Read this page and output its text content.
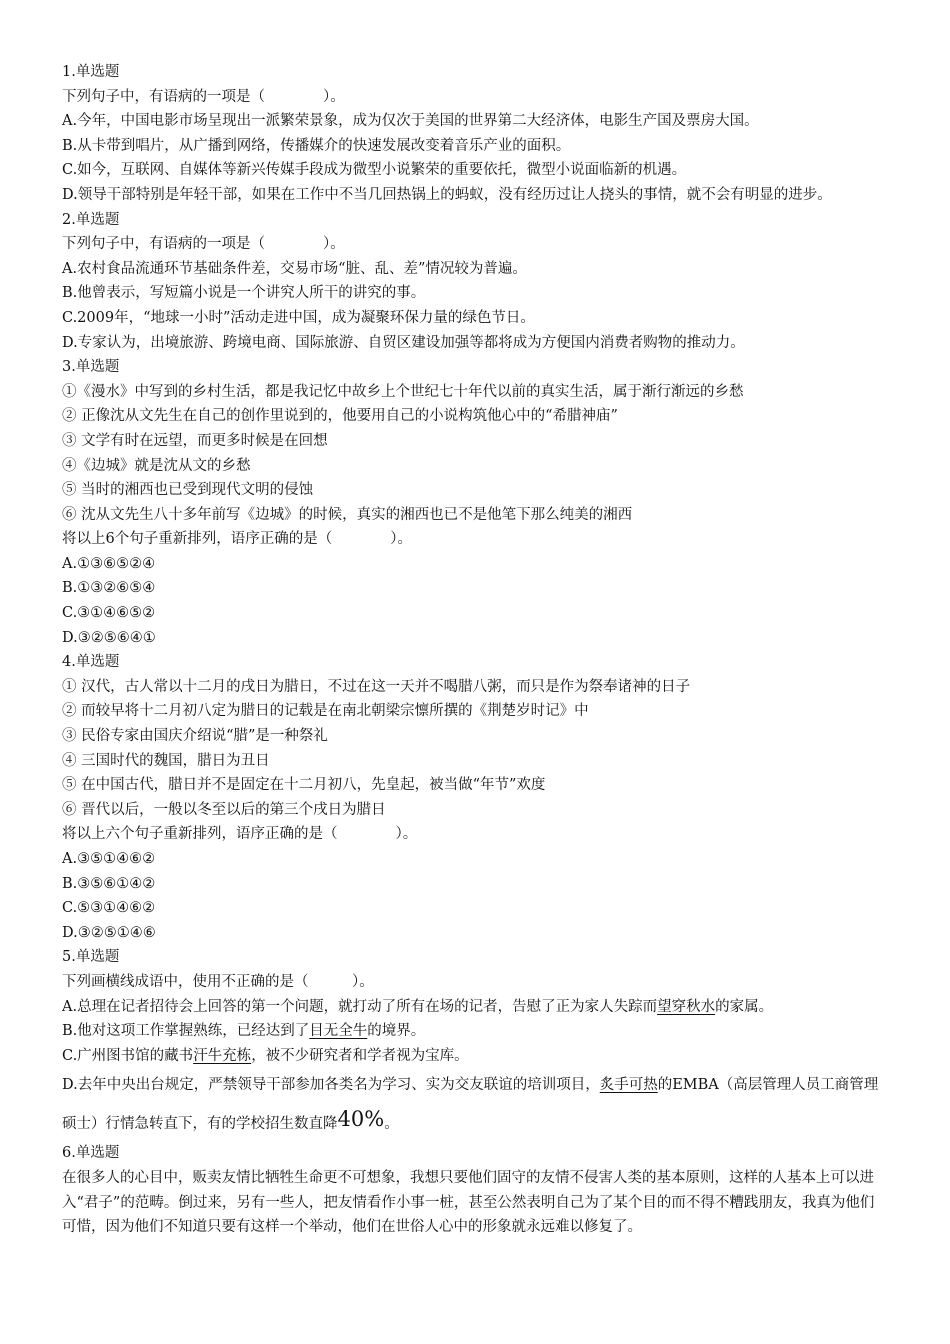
1.单选题

下列句子中，有语病的一项是（　　　　）。

A.今年，中国电影市场呈现出一派繁荣景象，成为仅次于美国的世界第二大经济体，电影生产国及票房大国。

B.从卡带到唱片，从广播到网络，传播媒介的快速发展改变着音乐产业的面积。

C.如今，互联网、自媒体等新兴传媒手段成为微型小说繁荣的重要依托，微型小说面临新的机遇。

D.领导干部特别是年轻干部，如果在工作中不当几回热锅上的蚂蚁，没有经历过让人挠头的事情，就不会有明显的进步。

2.单选题

下列句子中，有语病的一项是（　　　　）。

A.农村食品流通环节基础条件差，交易市场“脏、乱、差”情况较为普遍。

B.他曾表示，写短篇小说是一个讲究人所干的讲究的事。

C.2009年，“地球一小时”活动走进中国，成为凝聚环保力量的绿色节日。

D.专家认为，出境旅游、跨境电商、国际旅游、自贸区建设加强等都将成为方便国内消费者购物的推动力。

3.单选题

①《漫水》中写到的乡村生活，都是我记忆中故乡上个世纪七十年代以前的真实生活，属于渐行渐远的乡愁

② 正像沈从文先生在自己的创作里说到的，他要用自己的小说构筑他心中的“希腊神庙”

③ 文学有时在远望，而更多时候是在回想

④《边城》就是沈从文的乡愁

⑤ 当时的湘西也已受到现代文明的侵蚀

⑥ 沈从文先生八十多年前写《边城》的时候，真实的湘西也已不是他笔下那么纯美的湘西

将以上6个句子重新排列，语序正确的是（　　　　）。

A.①③⑥⑤②④

B.①③②⑥⑤④

C.③①④⑥⑤②

D.③②⑤⑥④①

4.单选题

① 汉代，古人常以十二月的戌日为腊日，不过在这一天并不喝腊八粥，而只是作为祭奉诸神的日子

② 而较早将十二月初八定为腊日的记载是在南北朝梁宗懔所撰的《荆楚岁时记》中

③ 民俗专家由国庆介绍说“腊”是一种祭礼

④ 三国时代的魏国，腊日为丑日

⑤ 在中国古代，腊日并不是固定在十二月初八，先皇起，被当做“年节”欢度

⑥ 晋代以后，一般以冬至以后的第三个戌日为腊日

将以上六个句子重新排列，语序正确的是（　　　　）。

A.③⑤①④⑥②

B.③⑤⑥①④②

C.⑤③①④⑥②

D.③②⑤①④⑥

5.单选题

下列画横线成语中，使用不正确的是（　　　）。

A.总理在记者招待会上回答的第一个问题，就打动了所有在场的记者，告慰了正为家人失踪而望穿秋水的家属。

B.他对这项工作掌握熟练，已经达到了目无全牛的境界。

C.广州图书馆的藏书汗牛充栋，被不少研究者和学者视为宝库。

D.去年中央出台规定，严禁领导干部参加各类名为学习、实为交友联谊的培训项目，炙手可热的EMBA（高层管理人员工商管理硕士）行情急转直下，有的学校招生数直降40%。

6.单选题

在很多人的心目中，贩卖友情比牺牲生命更不可想象，我想只要他们固守的友情不侵害人类的基本原则，这样的人基本上可以进入“君子”的范畴。倒过来，另有一些人，把友情看作小事一桩，甚至公然表明自己为了某个目的而不得不糟践朋友，我真为他们可惜，因为他们不知道只要有这样一个举动，他们在世俗人心中的形象就永远难以修复了。
